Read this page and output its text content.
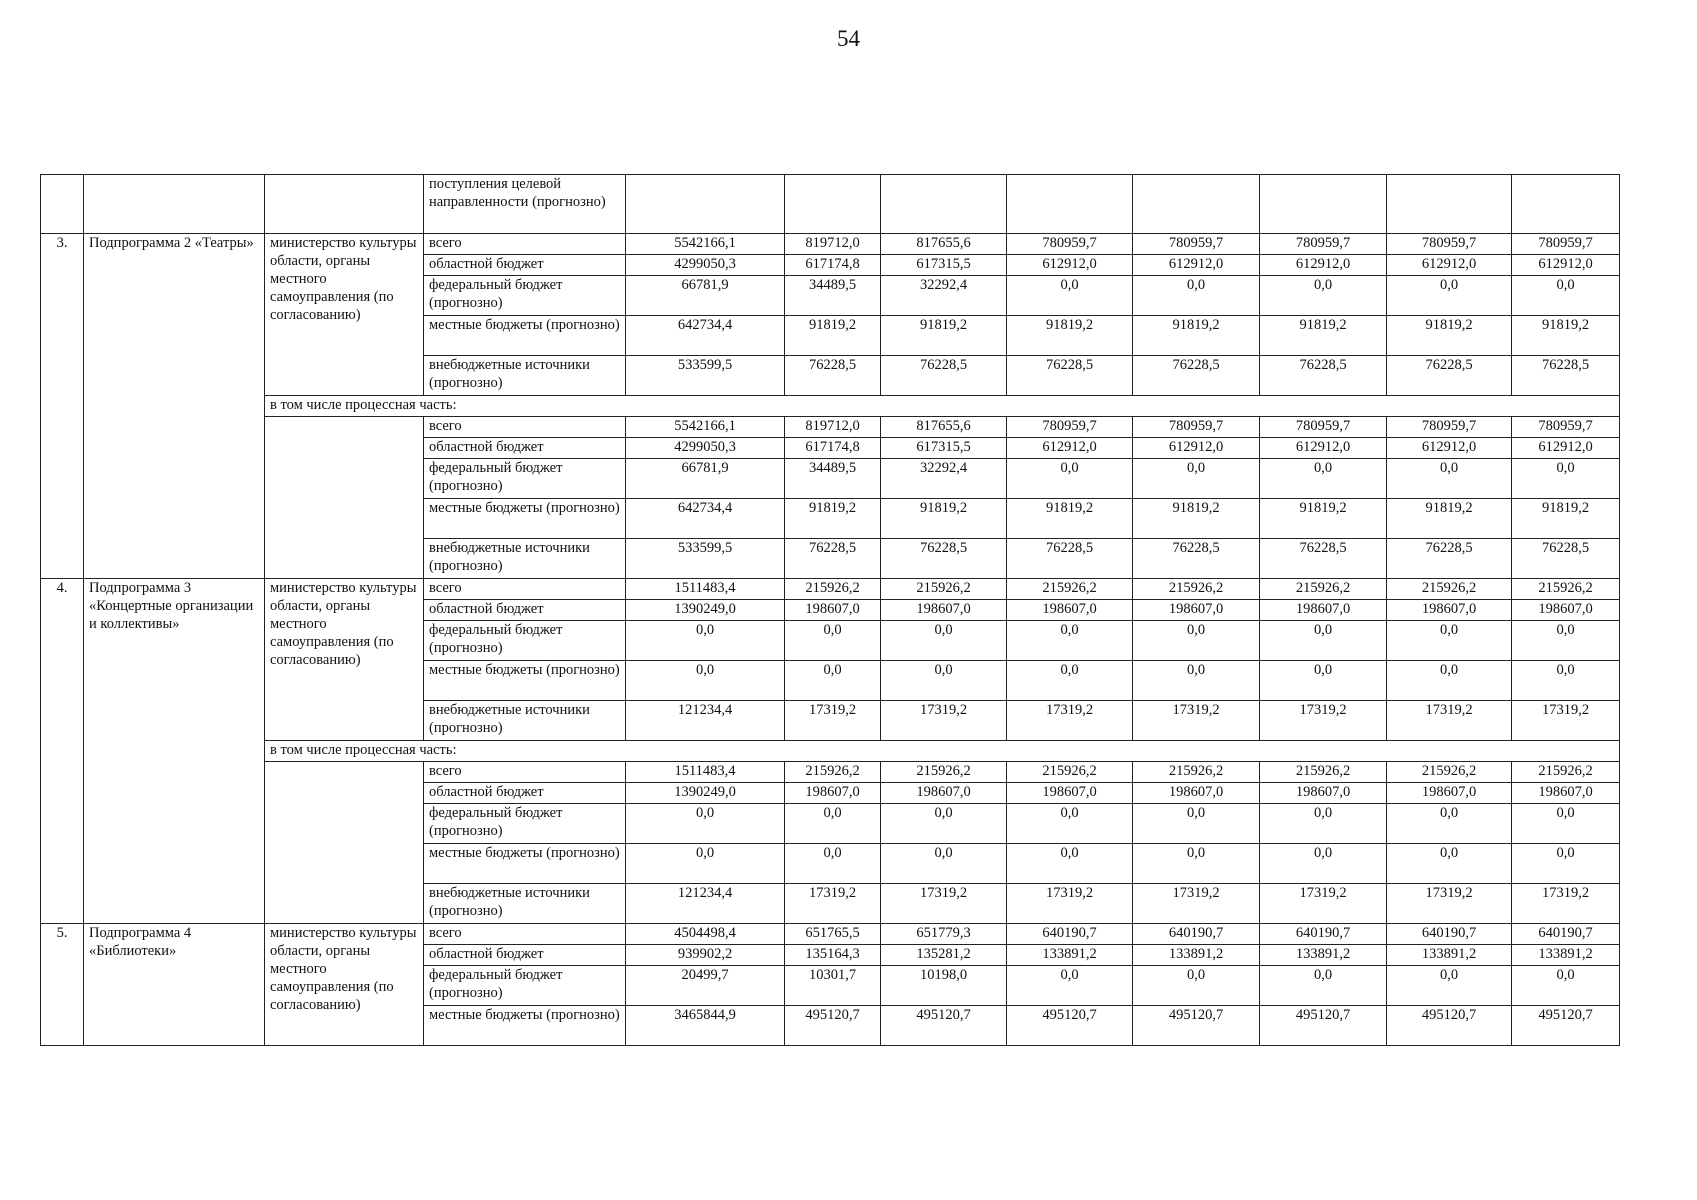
54
			поступления целевой направленности (прогнозно)								
3.	Подпрограмма 2 «Театры»	министерство культуры области, органы местного самоуправления (по согласованию)	всего	5542166,1	819712,0	817655,6	780959,7	780959,7	780959,7	780959,7	780959,7
			областной бюджет	4299050,3	617174,8	617315,5	612912,0	612912,0	612912,0	612912,0	612912,0
			федеральный бюджет (прогнозно)	66781,9	34489,5	32292,4	0,0	0,0	0,0	0,0	0,0
			местные бюджеты (прогнозно)	642734,4	91819,2	91819,2	91819,2	91819,2	91819,2	91819,2	91819,2
			внебюджетные источники (прогнозно)	533599,5	76228,5	76228,5	76228,5	76228,5	76228,5	76228,5	76228,5
		в том числе процессная часть:									
			всего	5542166,1	819712,0	817655,6	780959,7	780959,7	780959,7	780959,7	780959,7
			областной бюджет	4299050,3	617174,8	617315,5	612912,0	612912,0	612912,0	612912,0	612912,0
			федеральный бюджет (прогнозно)	66781,9	34489,5	32292,4	0,0	0,0	0,0	0,0	0,0
			местные бюджеты (прогнозно)	642734,4	91819,2	91819,2	91819,2	91819,2	91819,2	91819,2	91819,2
			внебюджетные источники (прогнозно)	533599,5	76228,5	76228,5	76228,5	76228,5	76228,5	76228,5	76228,5
4.	Подпрограмма 3 «Концертные организации и коллективы»	министерство культуры области, органы местного самоуправления (по согласованию)	всего	1511483,4	215926,2	215926,2	215926,2	215926,2	215926,2	215926,2	215926,2
			областной бюджет	1390249,0	198607,0	198607,0	198607,0	198607,0	198607,0	198607,0	198607,0
			федеральный бюджет (прогнозно)	0,0	0,0	0,0	0,0	0,0	0,0	0,0	0,0
			местные бюджеты (прогнозно)	0,0	0,0	0,0	0,0	0,0	0,0	0,0	0,0
			внебюджетные источники (прогнозно)	121234,4	17319,2	17319,2	17319,2	17319,2	17319,2	17319,2	17319,2
		в том числе процессная часть:									
			всего	1511483,4	215926,2	215926,2	215926,2	215926,2	215926,2	215926,2	215926,2
			областной бюджет	1390249,0	198607,0	198607,0	198607,0	198607,0	198607,0	198607,0	198607,0
			федеральный бюджет (прогнозно)	0,0	0,0	0,0	0,0	0,0	0,0	0,0	0,0
			местные бюджеты (прогнозно)	0,0	0,0	0,0	0,0	0,0	0,0	0,0	0,0
			внебюджетные источники (прогнозно)	121234,4	17319,2	17319,2	17319,2	17319,2	17319,2	17319,2	17319,2
5.	Подпрограмма 4 «Библиотеки»	министерство культуры области, органы местного самоуправления (по согласованию)	всего	4504498,4	651765,5	651779,3	640190,7	640190,7	640190,7	640190,7	640190,7
			областной бюджет	939902,2	135164,3	135281,2	133891,2	133891,2	133891,2	133891,2	133891,2
			федеральный бюджет (прогнозно)	20499,7	10301,7	10198,0	0,0	0,0	0,0	0,0	0,0
			местные бюджеты (прогнозно)	3465844,9	495120,7	495120,7	495120,7	495120,7	495120,7	495120,7	495120,7
